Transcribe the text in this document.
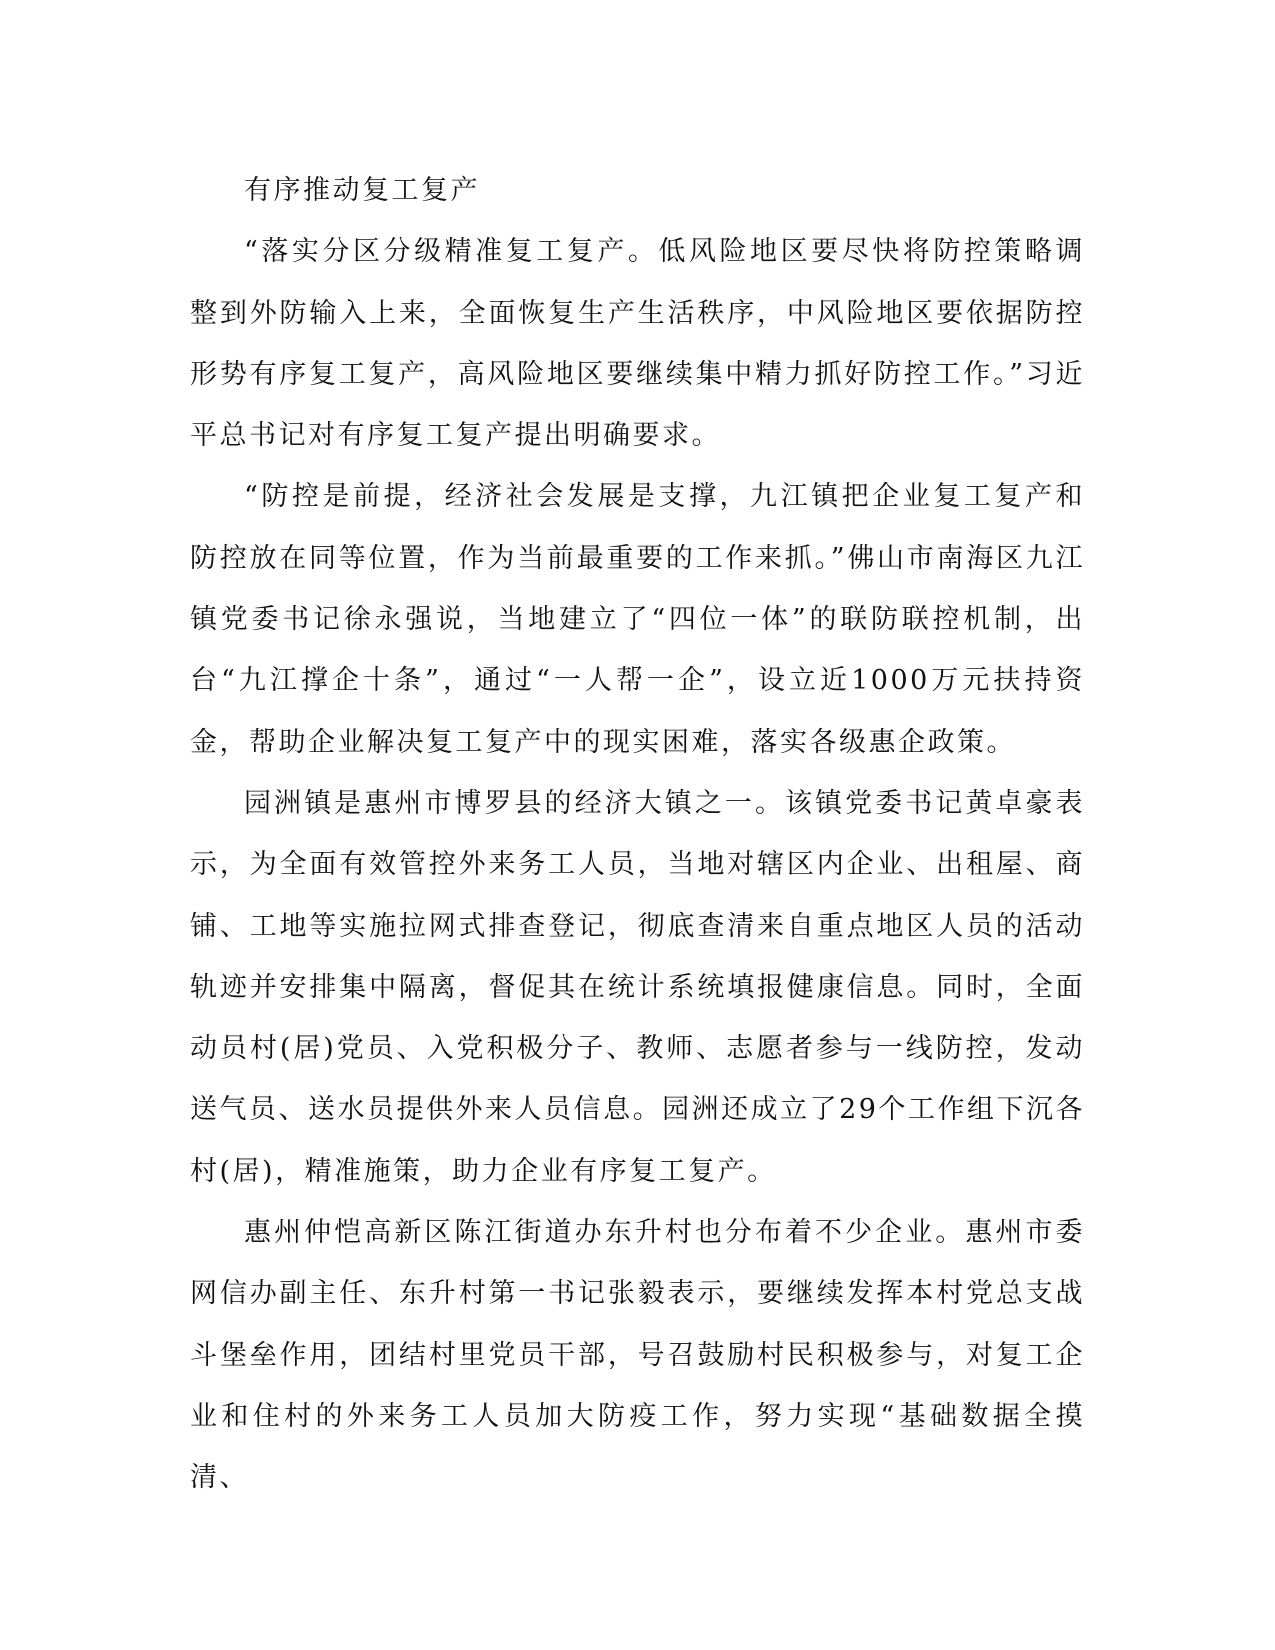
有序推动复工复产

“落实分区分级精准复工复产。低风险地区要尽快将防控策略调整到外防输入上来，全面恢复生产生活秩序，中风险地区要依据防控形势有序复工复产，高风险地区要继续集中精力抓好防控工作。”习近平总书记对有序复工复产提出明确要求。

“防控是前提，经济社会发展是支撑，九江镇把企业复工复产和防控放在同等位置，作为当前最重要的工作来抓。”佛山市南海区九江镇党委书记徐永强说，当地建立了“四位一体”的联防联控机制，出台“九江撑企十条”，通过“一人帮一企”，设立近1000万元扶持资金，帮助企业解决复工复产中的现实困难，落实各级惠企政策。

园洲镇是惠州市博罗县的经济大镇之一。该镇党委书记黄卓豪表示，为全面有效管控外来务工人员，当地对辖区内企业、出租屋、商铺、工地等实施拉网式排查登记，彻底查清来自重点地区人员的活动轨迹并安排集中隔离，督促其在统计系统填报健康信息。同时，全面动员村(居)党员、入党积极分子、教师、志愿者参与一线防控，发动送气员、送水员提供外来人员信息。园洲还成立了29个工作组下沉各村(居)，精准施策，助力企业有序复工复产。

惠州仲恺高新区陈江街道办东升村也分布着不少企业。惠州市委网信办副主任、东升村第一书记张毅表示，要继续发挥本村党总支战斗堡垒作用，团结村里党员干部，号召鼓励村民积极参与，对复工企业和住村的外来务工人员加大防疫工作，努力实现“基础数据全摸清、
